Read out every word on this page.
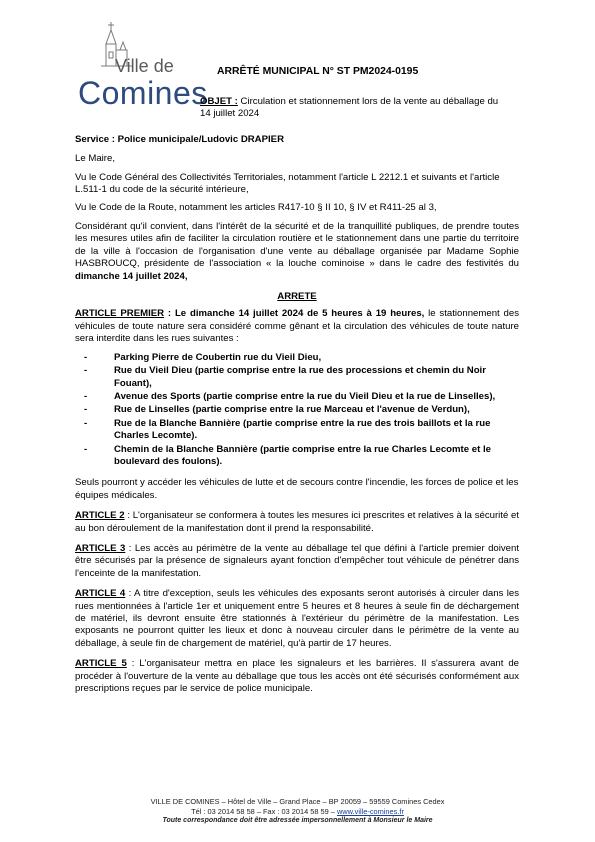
Ville de
Comines
ARRÊTÉ MUNICIPAL N° ST PM2024-0195
OBJET : Circulation et stationnement lors de la vente au déballage du 14 juillet 2024
Service : Police municipale/Ludovic DRAPIER
Le Maire,
Vu le Code Général des Collectivités Territoriales, notamment l'article L 2212.1 et suivants et l'article L.511-1 du code de la sécurité intérieure,
Vu le Code de la Route, notamment les articles R417-10 § II 10, § IV et R411-25 al 3,
Considérant qu'il convient, dans l'intérêt de la sécurité et de la tranquillité publiques, de prendre toutes les mesures utiles afin de faciliter la circulation routière et le stationnement dans une partie du territoire de la ville à l'occasion de l'organisation d'une vente au déballage organisée par Madame Sophie HASBROUCQ, présidente de l'association « la louche cominoise » dans le cadre des festivités du dimanche 14 juillet 2024,
ARRETE
ARTICLE PREMIER : Le dimanche 14 juillet 2024 de 5 heures à 19 heures, le stationnement des véhicules de toute nature sera considéré comme gênant et la circulation des véhicules de toute nature sera interdite dans les rues suivantes :
- Parking Pierre de Coubertin rue du Vieil Dieu,
- Rue du Vieil Dieu (partie comprise entre la rue des processions et chemin du Noir Fouant),
- Avenue des Sports (partie comprise entre la rue du Vieil Dieu et la rue de Linselles),
- Rue de Linselles (partie comprise entre la rue Marceau et l'avenue de Verdun),
- Rue de la Blanche Bannière (partie comprise entre la rue des trois baillots et la rue Charles Lecomte).
- Chemin de la Blanche Bannière (partie comprise entre la rue Charles Lecomte et le boulevard des foulons).
Seuls pourront y accéder les véhicules de lutte et de secours contre l'incendie, les forces de police et les équipes médicales.
ARTICLE 2 : L'organisateur se conformera à toutes les mesures ici prescrites et relatives à la sécurité et au bon déroulement de la manifestation dont il prend la responsabilité.
ARTICLE 3 : Les accès au périmètre de la vente au déballage tel que défini à l'article premier doivent être sécurisés par la présence de signaleurs ayant fonction d'empêcher tout véhicule de pénétrer dans l'enceinte de la manifestation.
ARTICLE 4 : A titre d'exception, seuls les véhicules des exposants seront autorisés à circuler dans les rues mentionnées à l'article 1er et uniquement entre 5 heures et 8 heures à seule fin de déchargement de matériel, ils devront ensuite être stationnés à l'extérieur du périmètre de la manifestation. Les exposants ne pourront quitter les lieux et donc à nouveau circuler dans le périmètre de la vente au déballage, à seule fin de chargement de matériel, qu'à partir de 17 heures.
ARTICLE 5 : L'organisateur mettra en place les signaleurs et les barrières. Il s'assurera avant de procéder à l'ouverture de la vente au déballage que tous les accès ont été sécurisés conformément aux prescriptions reçues par le service de police municipale.
VILLE DE COMINES – Hôtel de Ville – Grand Place – BP 20059 – 59559 Comines Cedex
Tél : 03 2014 58 58 – Fax : 03 2014 58 59 – www.ville-comines.fr
Toute correspondance doit être adressée impersonnellement à Monsieur le Maire
